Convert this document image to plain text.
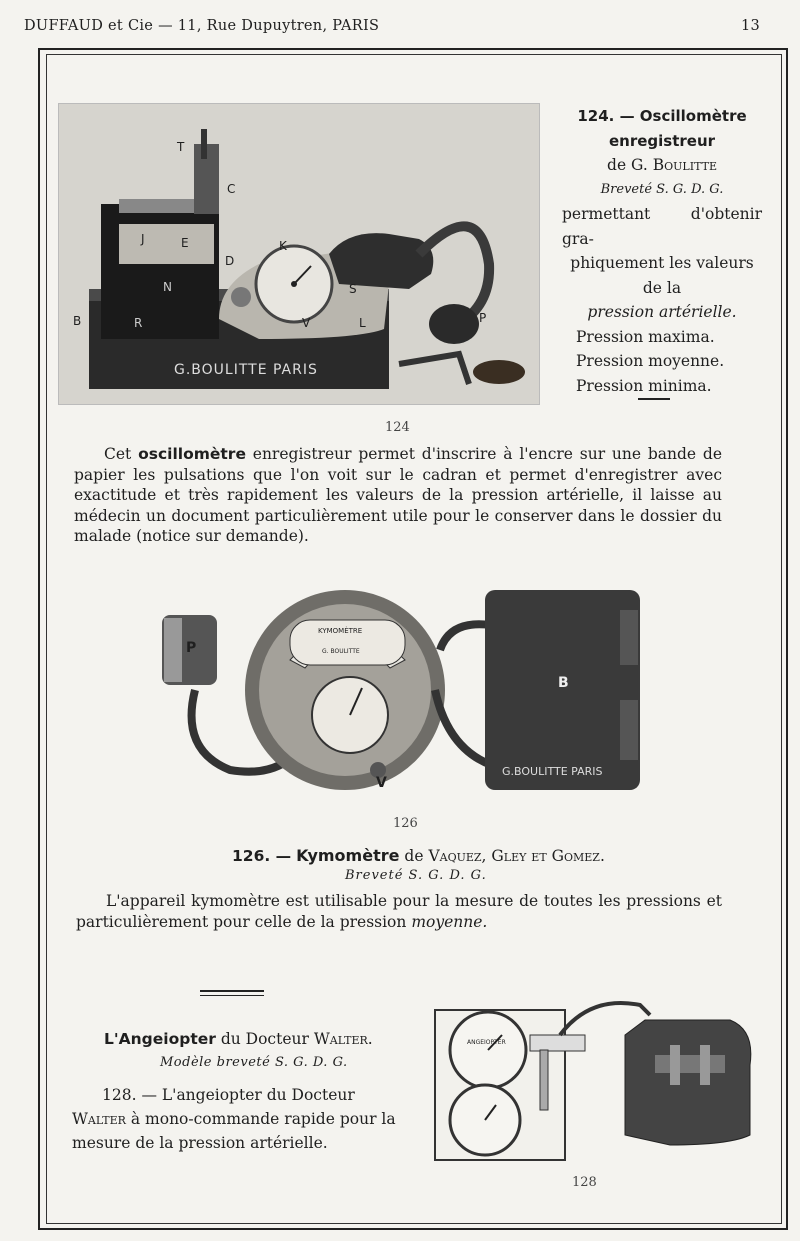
DUFFAUD et Cie — 11, Rue Dupuytren, PARIS	13
G.BOULITTE PARIS
T
C
J	E	K
D
N	S
B	R	V	L	P
124. — Oscillomètre
enregistreur
de G. Boulitte
Breveté S. G. D. G.
permettant d'obtenir gra-
phiquement les valeurs
de la
pression artérielle.
Pression maxima.
Pression moyenne.
Pression minima.
124
Cet oscillomètre enregistreur permet d'inscrire à l'encre sur une bande de papier les pulsations que l'on voit sur le cadran et permet d'enregistrer avec exactitude et très rapidement les valeurs de la pression artérielle, il laisse au médecin un document particulièrement utile pour le conserver dans le dossier du malade (notice sur demande).
P
B
V
KYMOMÈTRE
G. BOULITTE
G.BOULITTE PARIS
126
126. — Kymomètre de Vaquez, Gley et Gomez.
Breveté S. G. D. G.
L'appareil kymomètre est utilisable pour la mesure de toutes les pressions et particulièrement pour celle de la pression moyenne.
L'Angeiopter du Docteur Walter.
Modèle breveté S. G. D. G.
128. — L'angeiopter du Docteur Walter à mono-commande rapide pour la mesure de la pression artérielle.
ANGEIOPTER
128
